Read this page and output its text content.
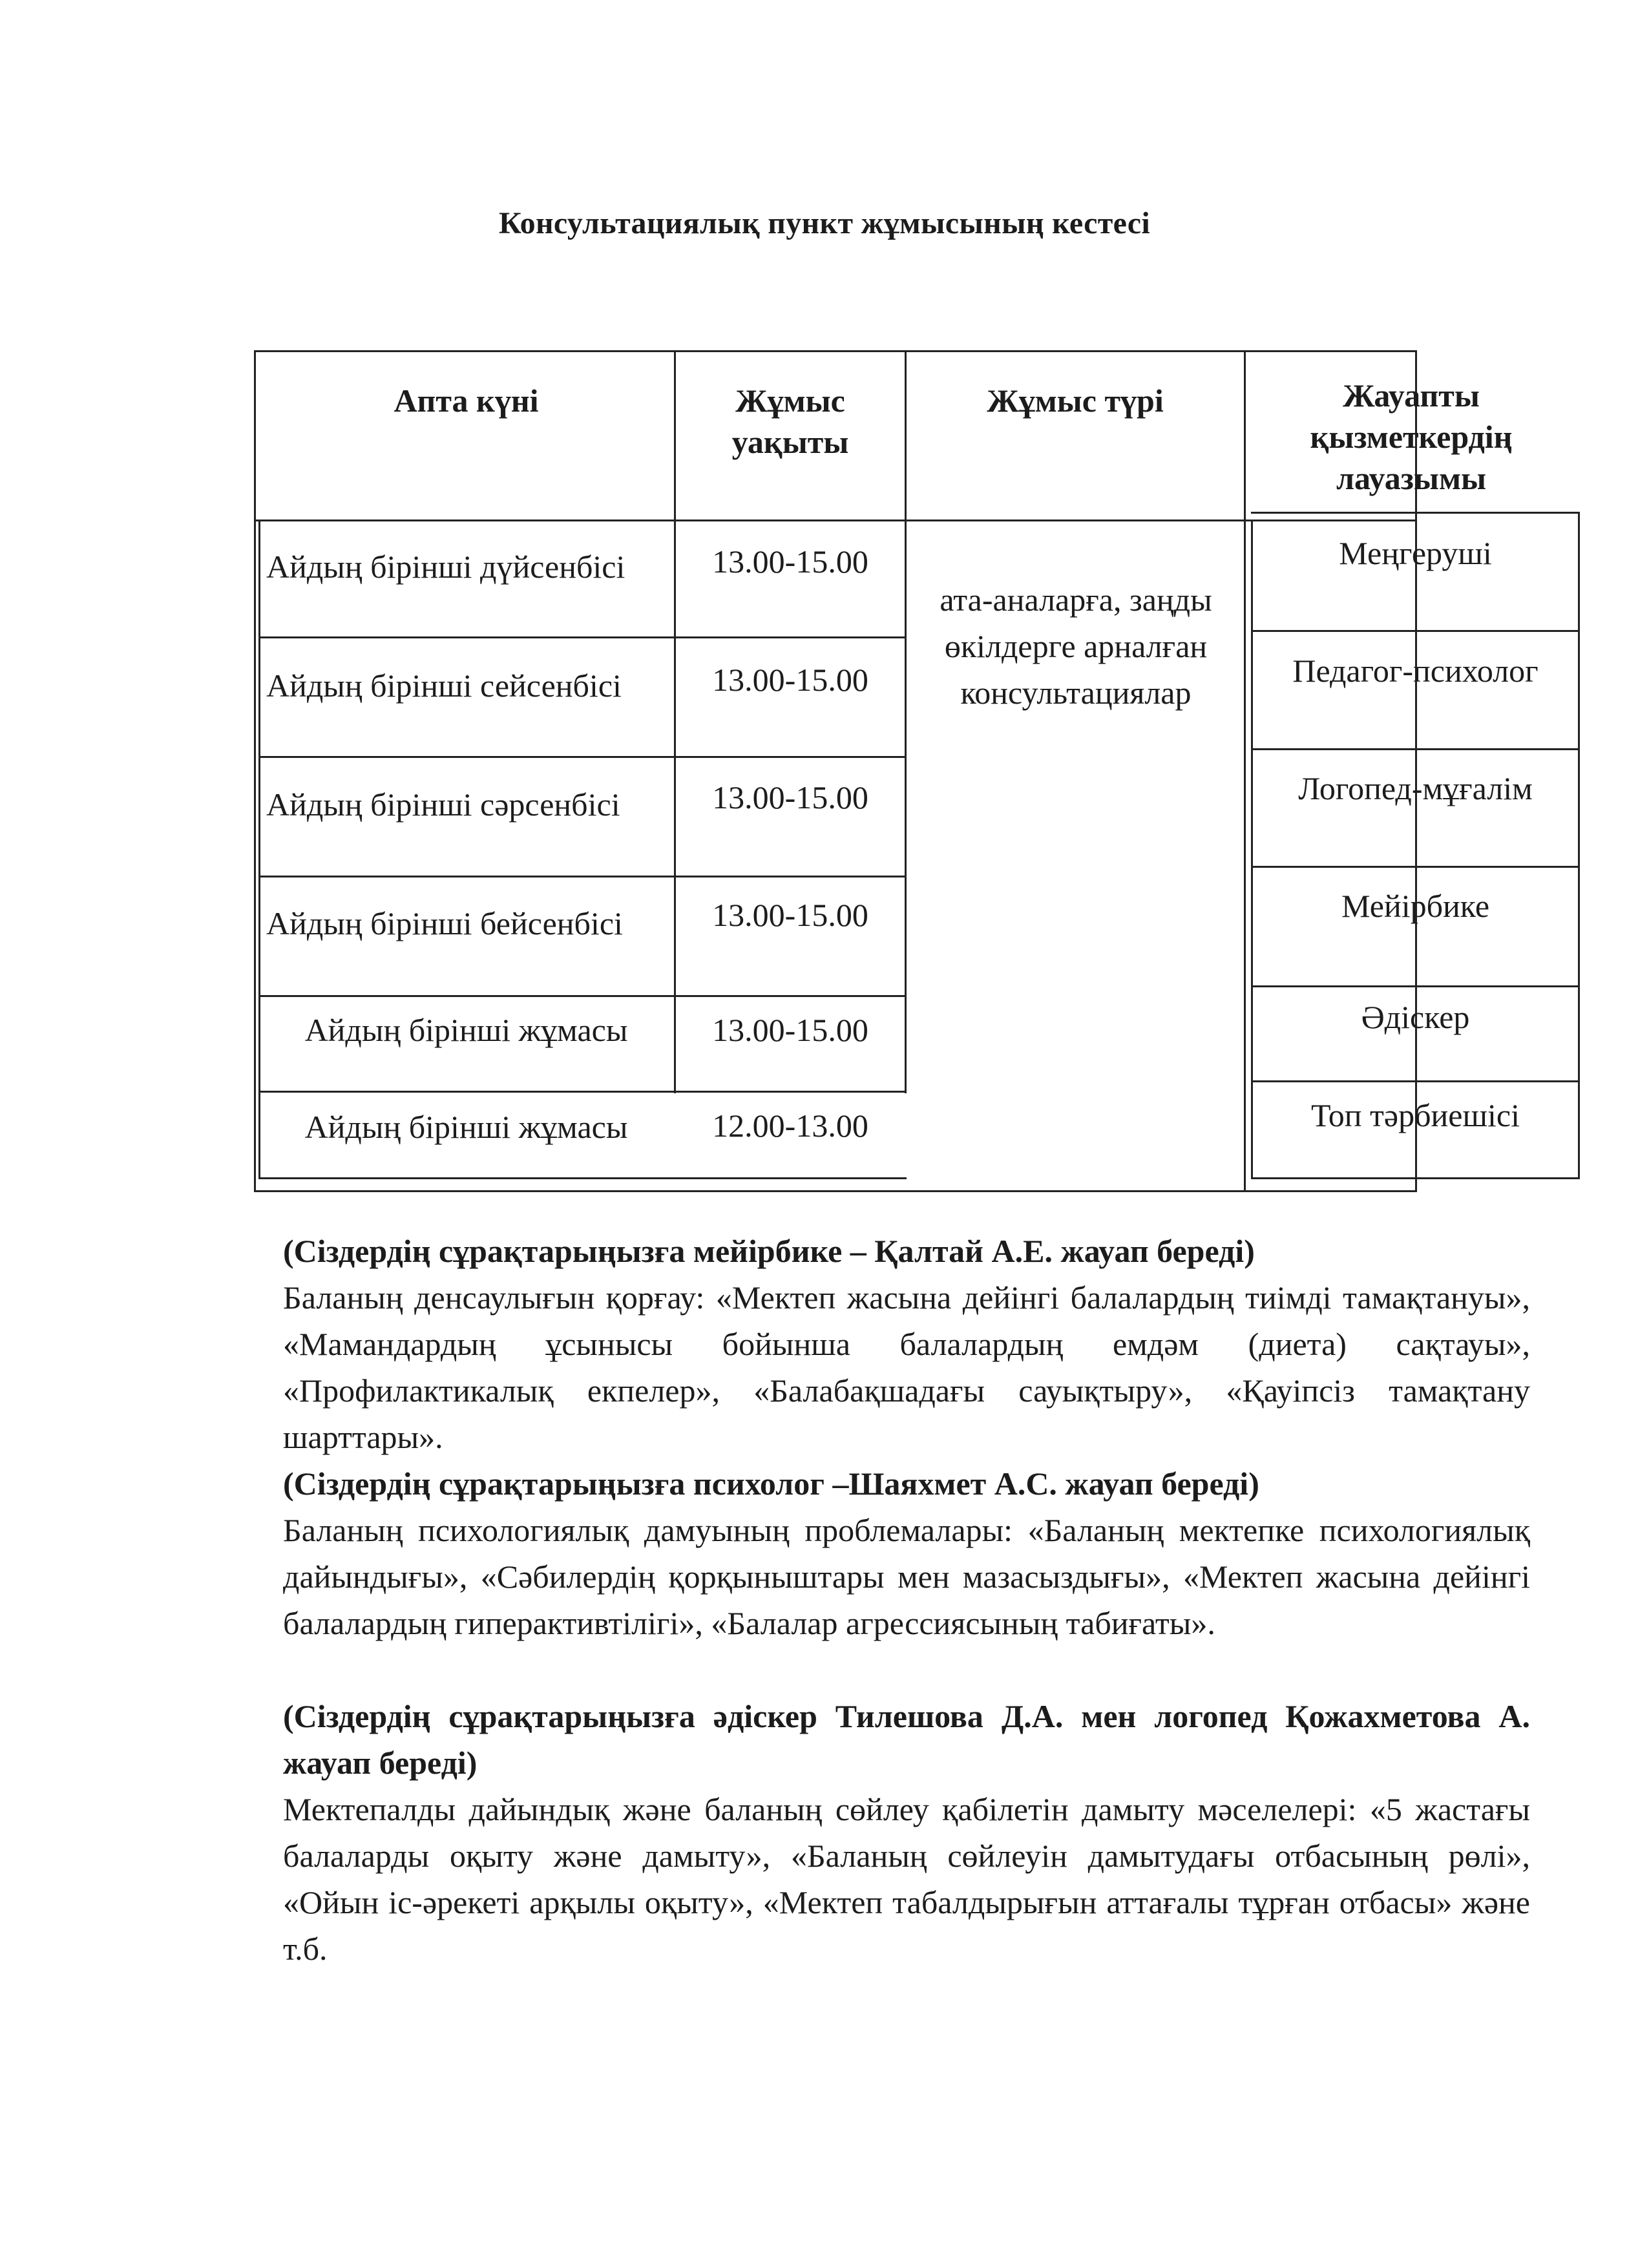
Консультациялық пункт жұмысының кестесі
Апта күні	Жұмыс уақыты
Жұмыс түрі	Жауапты қызметкердің лауазымы
Айдың бірінші дүйсенбісі
Айдың бірінші сейсенбісі
Айдың бірінші сәрсенбісі
Айдың бірінші бейсенбісі
Айдың бірінші жұмасы
Айдың бірінші жұмасы
13.00-15.00
13.00-15.00
13.00-15.00
13.00-15.00
13.00-15.00
12.00-13.00
ата-аналарға, заңды өкілдерге арналған консультациялар
Меңгеруші
Педагог-психолог
Логопед-мұғалім
Мейірбике
Әдіскер
Топ тәрбиешісі

(Сіздердің сұрақтарыңызға мейірбике – Қалтай А.Е. жауап береді)

Баланың денсаулығын қорғау: «Мектеп жасына дейінгі балалардың тиімді тамақтануы», «Мамандардың ұсынысы бойынша балалардың емдәм (диета) сақтауы», «Профилактикалық екпелер», «Балабақшадағы сауықтыру», «Қауіпсіз тамақтану шарттары».

(Сіздердің сұрақтарыңызға психолог –Шаяхмет А.С. жауап береді)

Баланың психологиялық дамуының проблемалары: «Баланың мектепке психологиялық дайындығы», «Сәбилердің қорқыныштары мен мазасыздығы», «Мектеп жасына дейінгі балалардың гиперактивтілігі», «Балалар агрессиясының табиғаты».

(Сіздердің сұрақтарыңызға әдіскер Тилешова Д.А. мен логопед Қожахметова А. жауап береді)

Мектепалды дайындық және баланың сөйлеу қабілетін дамыту мәселелері: «5 жастағы балаларды оқыту және дамыту», «Баланың сөйлеуін дамытудағы отбасының рөлі», «Ойын іс-әрекеті арқылы оқыту», «Мектеп табалдырығын аттағалы тұрған отбасы» және т.б.
